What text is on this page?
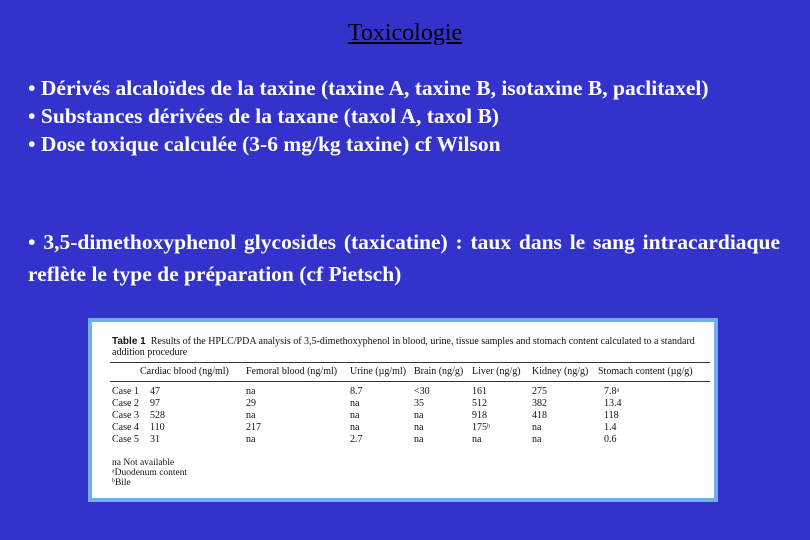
Toxicologie

• Dérivés alcaloïdes de la taxine (taxine A, taxine B, isotaxine B, paclitaxel)

• Substances dérivées de la taxane (taxol A, taxol B)

• Dose toxique calculée (3-6 mg/kg taxine) cf Wilson

• 3,5-dimethoxyphenol glycosides (taxicatine) : taux dans le sang intracardiaque reflète le type de préparation (cf Pietsch)
Table 1 Results of the HPLC/PDA analysis of 3,5-dimethoxyphenol in blood, urine, tissue samples and stomach content calculated to a standard addition procedure
Cardiac blood (ng/ml) Femoral blood (ng/ml) Urine (µg/ml) Brain (ng/g) Liver (ng/g) Kidney (ng/g) Stomach content (µg/g)
Case 1 47	na	8.7	<30	161	275	7.8ᵃ
Case 2 97	29	na	35	512	382	13.4
Case 3 528	na	na	na	918	418	118
Case 4 110	217	na	na	175ᵇ	na	1.4
Case 5 31	na	2.7	na	na	na	0.6
na Not available
ᵃDuodenum content
ᵇBile
